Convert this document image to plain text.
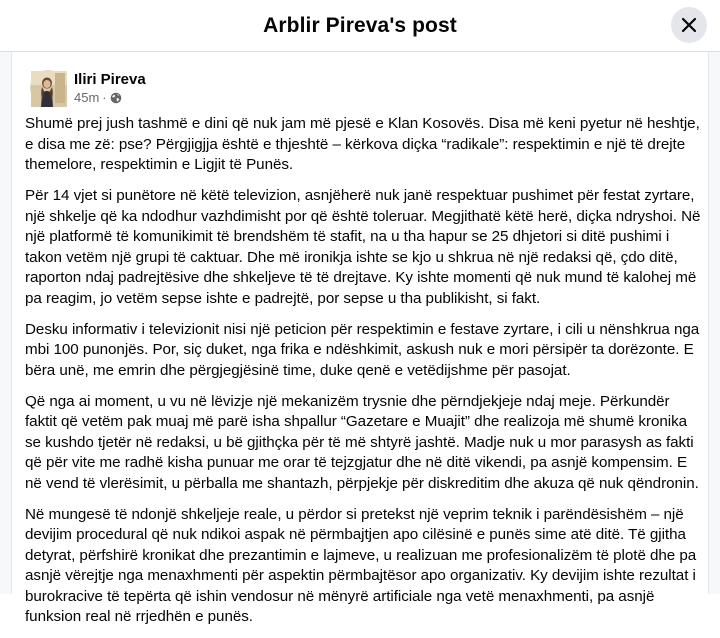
Arblir Pireva's post
Iliri Pireva
45m ·

Shumë prej jush tashmë e dini që nuk jam më pjesë e Klan Kosovës. Disa më keni pyetur në heshtje, e disa me zë: pse? Përgjigjja është e thjeshtë – kërkova diçka “radikale”: respektimin e një të drejte themelore, respektimin e Ligjit të Punës.

Për 14 vjet si punëtore në këtë televizion, asnjëherë nuk janë respektuar pushimet për festat zyrtare, një shkelje që ka ndodhur vazhdimisht por që është toleruar. Megjithatë këtë herë, diçka ndryshoi. Në një platformë të komunikimit të brendshëm të stafit, na u tha hapur se 25 dhjetori si ditë pushimi i takon vetëm një grupi të caktuar. Dhe më ironikja ishte se kjo u shkrua në një redaksi që, çdo ditë, raporton ndaj padrejtësive dhe shkeljeve të të drejtave. Ky ishte momenti që nuk mund të kalohej më pa reagim, jo vetëm sepse ishte e padrejtë, por sepse u tha publikisht, si fakt.

Desku informativ i televizionit nisi një peticion për respektimin e festave zyrtare, i cili u nënshkrua nga mbi 100 punonjës. Por, siç duket, nga frika e ndëshkimit, askush nuk e mori përsipër ta dorëzonte. E bëra unë, me emrin dhe përgjegjësinë time, duke qenë e vetëdijshme për pasojat.

Që nga ai moment, u vu në lëvizje një mekanizëm trysnie dhe përndjekjeje ndaj meje. Përkundër faktit që vetëm pak muaj më parë isha shpallur “Gazetare e Muajit” dhe realizoja më shumë kronika se kushdo tjetër në redaksi, u bë gjithçka për të më shtyrë jashtë. Madje nuk u mor parasysh as fakti që për vite me radhë kisha punuar me orar të tejzgjatur dhe në ditë vikendi, pa asnjë kompensim. E në vend të vlerësimit, u përballa me shantazh, përpjekje për diskreditim dhe akuza që nuk qëndronin.

Në mungesë të ndonjë shkeljeje reale, u përdor si pretekst një veprim teknik i parëndësishëm – një devijim procedural që nuk ndikoi aspak në përmbajtjen apo cilësinë e punës sime atë ditë. Të gjitha detyrat, përfshirë kronikat dhe prezantimin e lajmeve, u realizuan me profesionalizëm të plotë dhe pa asnjë vërejtje nga menaxhmenti për aspektin përmbajtësor apo organizativ. Ky devijim ishte rezultat i burokracive të tepërta që ishin vendosur në mënyrë artificiale nga vetë menaxhmenti, pa asnjë funksion real në rrjedhën e punës.
